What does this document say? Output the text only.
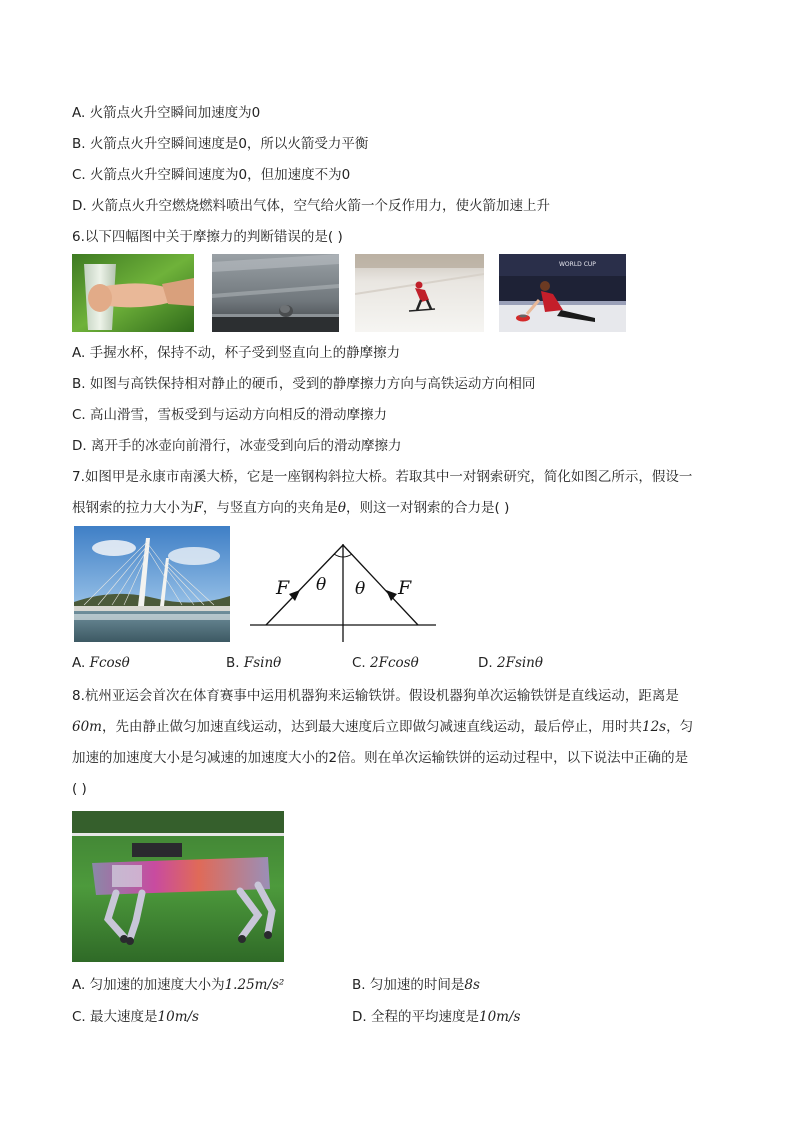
A. 火箭点火升空瞬间加速度为0
B. 火箭点火升空瞬间速度是0，所以火箭受力平衡
C. 火箭点火升空瞬间速度为0，但加速度不为0
D. 火箭点火升空燃烧燃料喷出气体，空气给火箭一个反作用力，使火箭加速上升
6.以下四幅图中关于摩擦力的判断错误的是( )
WORLD CUP
A. 手握水杯，保持不动，杯子受到竖直向上的静摩擦力
B. 如图与高铁保持相对静止的硬币，受到的静摩擦力方向与高铁运动方向相同
C. 高山滑雪，雪板受到与运动方向相反的滑动摩擦力
D. 离开手的冰壶向前滑行，冰壶受到向后的滑动摩擦力
7.如图甲是永康市南溪大桥，它是一座钢构斜拉大桥。若取其中一对钢索研究，简化如图乙所示，假设一
根钢索的拉力大小为F，与竖直方向的夹角是θ，则这一对钢索的合力是( )
F	F
θ θ
A. Fcosθ	B. Fsinθ	C. 2Fcosθ	D. 2Fsinθ
8.杭州亚运会首次在体育赛事中运用机器狗来运输铁饼。假设机器狗单次运输铁饼是直线运动，距离是
60m，先由静止做匀加速直线运动，达到最大速度后立即做匀减速直线运动，最后停止，用时共12s，匀
加速的加速度大小是匀减速的加速度大小的2倍。则在单次运输铁饼的运动过程中，以下说法中正确的是
( )
A. 匀加速的加速度大小为1.25m/s²	B. 匀加速的时间是8s
C. 最大速度是10m/s	D. 全程的平均速度是10m/s
